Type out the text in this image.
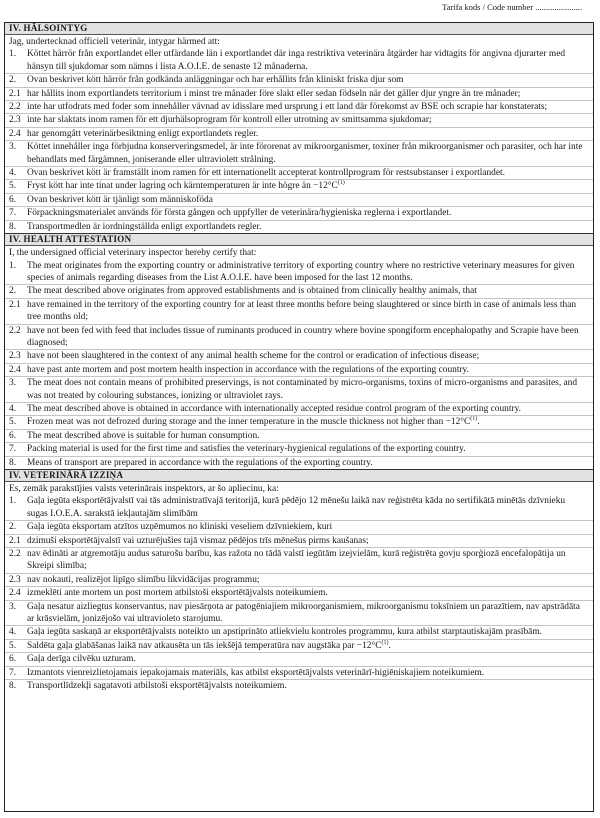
Tarifa kods / Code number ......................
IV. HÄLSOINTYG
Jag, undertecknad officiell veterinär, intygar härmed att:
1.	Köttet härrör från exportlandet eller utfärdande län i exportlandet där inga restriktiva veterinära åtgärder har vidtagits för angivna djurarter med hänsyn till sjukdomar som nämns i lista A.O.I.E. de senaste 12 månaderna.
2.	Ovan beskrivet kött härrör från godkända anläggningar och har erhållits från kliniskt friska djur som
2.1 har hållits inom exportlandets territorium i minst tre månader före slakt eller sedan födseln när det gäller djur yngre än tre månader;
2.2 inte har utfodrats med foder som innehåller vävnad av idisslare med ursprung i ett land där förekomst av BSE och scrapie har konstaterats;
2.3 inte har slaktats inom ramen för ett djurhälsoprogram för kontroll eller utrotning av smittsamma sjukdomar;
2.4 har genomgått veterinärbesiktning enligt exportlandets regler.
3.	Köttet innehåller inga förbjudna konserveringsmedel, är inte förorenat av mikroorganismer, toxiner från mikroorganismer och parasiter, och har inte behandlats med färgämnen, joniserande eller ultraviolett strålning.
4.	Ovan beskrivet kött är framställt inom ramen för ett internationellt accepterat kontrollprogram för restsubstanser i exportlandet.
5.	Fryst kött har inte tinat under lagring och kärntemperaturen är inte högre än $-12^\circ C^{(1)}$
6.	Ovan beskrivet kött är tjänligt som människoföda
7.	Förpackningsmaterialet används för första gången och uppfyller de veterinära/hygieniska reglerna i exportlandet.
8.	Transportmedlen är iordningställda enligt exportlandets regler.
IV. HEALTH ATTESTATION
I, the undersigned official veterinary inspector hereby certify that:
1.	The meat originates from the exporting country or administrative territory of exporting country where no restrictive veterinary measures for given species of animals regarding diseases from the List A.O.I.E. have been imposed for the last 12 months.
2.	The meat described above originates from approved establishments and is obtained from clinically healthy animals, that
2.1 have remained in the territory of the exporting country for at least three months before being slaughtered or since birth in case of animals less than tree months old;
2.2 have not been fed with feed that includes tissue of ruminants produced in country where bovine spongiform encephalopathy and Scrapie have been diagnosed;
2.3 have not been slaughtered in the context of any animal health scheme for the control or eradication of infectious disease;
2.4 have past ante mortem and post mortem health inspection in accordance with the regulations of the exporting country.
3.	The meat does not contain means of prohibited preservings, is not contaminated by micro-organisms, toxins of micro-organisms and parasites, and was not treated by colouring substances, ionizing or ultraviolet rays.
4.	The meat described above is obtained in accordance with internationally accepted residue control program of the exporting country.
5.	Frozen meat was not defrozed during storage and the inner temperature in the muscle thickness not higher than $-12^\circ C^{(1)}$.
6.	The meat described above is suitable for human consumption.
7.	Packing material is used for the first time and satisfies the veterinary-hygienical regulations of the exporting country.
8.	Means of transport are prepared in accordance with the regulations of the exporting country.
IV. VETERINĀRĀ IZZIŅA
Es, zemāk parakstījies valsts veterinārais inspektors, ar šo apliecinu, ka:
1.	Gaļa iegūta eksportētājvalstī vai tās administratīvajā teritorijā, kurā pēdējo 12 mēnešu laikā nav reģistrēta kāda no sertifikātā minētās dzīvnieku sugas I.O.E.A. sarakstā iekļautajām slimībām
2.	Gaļa iegūta eksportam atzītos uzņēmumos no kliniski veseliem dzīvniekiem, kuri
2.1 dzimuši eksportētājvalstī vai uzturējušies tajā vismaz pēdējos trīs mēnešus pirms kaušanas;
2.2 nav ēdināti ar atgremotāju audus saturošu barību, kas ražota no tādā valstī iegūtām izejvielām, kurā reģistrēta govju sporģiozā encefalopātija un Skreipi slimība;
2.3 nav nokauti, realizējot lipīgo slimību likvidācijas programmu;
2.4 izmeklēti ante mortem un post mortem atbilstoši eksportētājvalsts noteikumiem.
3.	Gaļa nesatur aizliegtus konservantus, nav piesārņota ar patogēniajiem mikroorganismiem, mikroorganismu toksīniem un parazītiem, nav apstrādāta ar krāsvielām, jonizējošo vai ultravioleto starojumu.
4.	Gaļa iegūta saskaņā ar eksportētājvalsts noteikto un apstiprināto atliekvielu kontroles programmu, kura atbilst starptautiskajām prasībām.
5.	Saldēta gaļa glabāšanas laikā nav atkausēta un tās iekšējā temperatūra nav augstāka par $-12^\circ C^{(1)}$.
6.	Gaļa derīga cilvēku uzturam.
7.	Izmantots vienreizlietojamais iepakojamais materiāls, kas atbilst eksportētājvalsts veterinārī-higiēniskajiem noteikumiem.
8.	Transportlīdzekļi sagatavoti atbilstoši eksportētājvalsts noteikumiem.
